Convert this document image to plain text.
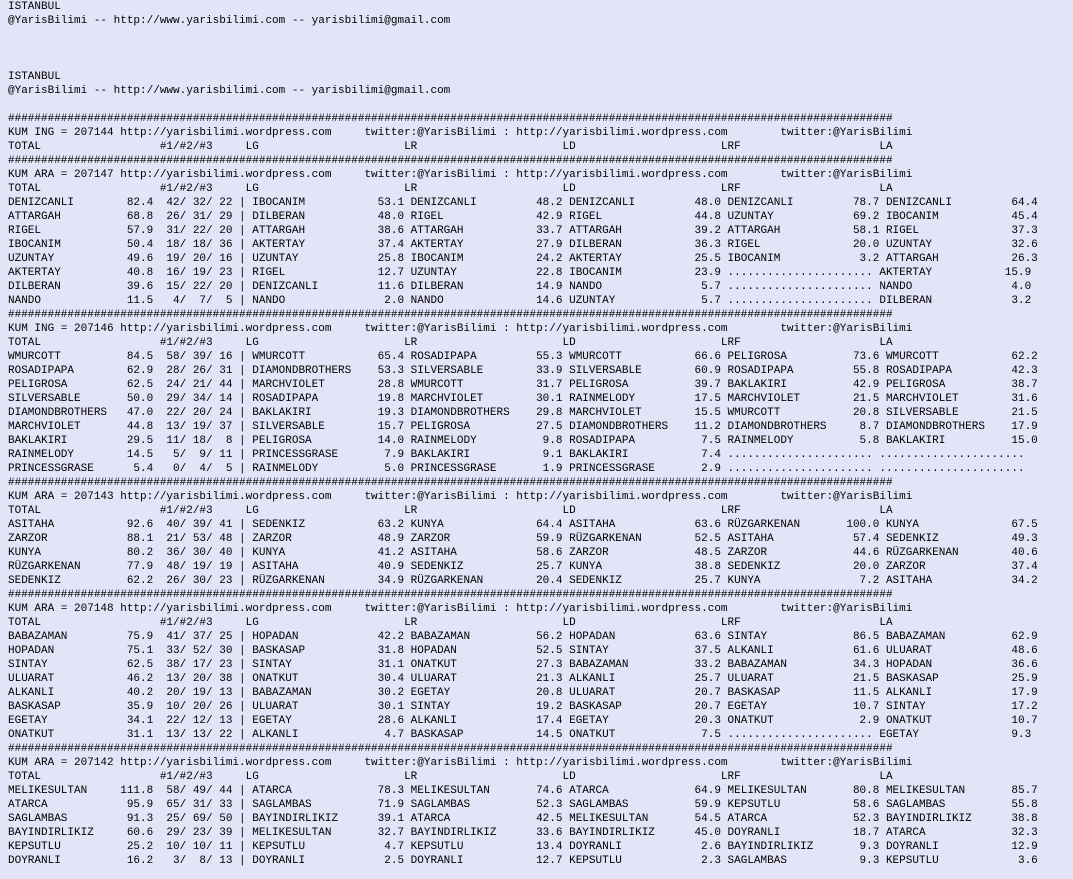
ISTANBUL
@YarisBilimi -- http://www.yarisbilimi.com -- yarisbilimi@gmail.com
ISTANBUL
@YarisBilimi -- http://www.yarisbilimi.com -- yarisbilimi@gmail.com
######################################################################################################################################
KUM ING = 207144 http://yarisbilimi.wordpress.com     twitter:@YarisBilimi : http://yarisbilimi.wordpress.com        twitter:@YarisBilimi
TOTAL                  #1/#2/#3     LG                      LR                      LD                      LRF                     LA
######################################################################################################################################
KUM ARA = 207147 http://yarisbilimi.wordpress.com     twitter:@YarisBilimi : http://yarisbilimi.wordpress.com        twitter:@YarisBilimi
TOTAL                  #1/#2/#3     LG                      LR                      LD                      LRF                     LA
DENIZCANLI        82.4  42/ 32/ 22 | IBOCANIM           53.1 DENIZCANLI         48.2 DENIZCANLI         48.0 DENIZCANLI         78.7 DENIZCANLI         64.4
ATTARGAH          68.8  26/ 31/ 29 | DILBERAN           48.0 RIGEL              42.9 RIGEL              44.8 UZUNTAY            69.2 IBOCANIM           45.4
RIGEL             57.9  31/ 22/ 20 | ATTARGAH           38.6 ATTARGAH           33.7 ATTARGAH           39.2 ATTARGAH           58.1 RIGEL              37.3
IBOCANIM          50.4  18/ 18/ 36 | AKTERTAY           37.4 AKTERTAY           27.9 DILBERAN           36.3 RIGEL              20.0 UZUNTAY            32.6
UZUNTAY           49.6  19/ 20/ 16 | UZUNTAY            25.8 IBOCANIM           24.2 AKTERTAY           25.5 IBOCANIM            3.2 ATTARGAH           26.3
AKTERTAY          40.8  16/ 19/ 23 | RIGEL              12.7 UZUNTAY            22.8 IBOCANIM           23.9 ...................... AKTERTAY           15.9
DILBERAN          39.6  15/ 22/ 20 | DENIZCANLI         11.6 DILBERAN           14.9 NANDO               5.7 ...................... NANDO               4.0
NANDO             11.5   4/  7/  5 | NANDO               2.0 NANDO              14.6 UZUNTAY             5.7 ...................... DILBERAN            3.2
######################################################################################################################################
KUM ING = 207146 http://yarisbilimi.wordpress.com     twitter:@YarisBilimi : http://yarisbilimi.wordpress.com        twitter:@YarisBilimi
TOTAL                  #1/#2/#3     LG                      LR                      LD                      LRF                     LA
WMURCOTT          84.5  58/ 39/ 16 | WMURCOTT           65.4 ROSADIPAPA         55.3 WMURCOTT           66.6 PELIGROSA          73.6 WMURCOTT           62.2
ROSADIPAPA        62.9  28/ 26/ 31 | DIAMONDBROTHERS    53.3 SILVERSABLE        33.9 SILVERSABLE        60.9 ROSADIPAPA         55.8 ROSADIPAPA         42.3
PELIGROSA         62.5  24/ 21/ 44 | MARCHVIOLET        28.8 WMURCOTT           31.7 PELIGROSA          39.7 BAKLAKIRI          42.9 PELIGROSA          38.7
SILVERSABLE       50.0  29/ 34/ 14 | ROSADIPAPA         19.8 MARCHVIOLET        30.1 RAINMELODY         17.5 MARCHVIOLET        21.5 MARCHVIOLET        31.6
DIAMONDBROTHERS   47.0  22/ 20/ 24 | BAKLAKIRI          19.3 DIAMONDBROTHERS    29.8 MARCHVIOLET        15.5 WMURCOTT           20.8 SILVERSABLE        21.5
MARCHVIOLET       44.8  13/ 19/ 37 | SILVERSABLE        15.7 PELIGROSA          27.5 DIAMONDBROTHERS    11.2 DIAMONDBROTHERS     8.7 DIAMONDBROTHERS    17.9
BAKLAKIRI         29.5  11/ 18/  8 | PELIGROSA          14.0 RAINMELODY          9.8 ROSADIPAPA          7.5 RAINMELODY          5.8 BAKLAKIRI          15.0
RAINMELODY        14.5   5/  9/ 11 | PRINCESSGRASE       7.9 BAKLAKIRI           9.1 BAKLAKIRI           7.4 ...................... ......................
PRINCESSGRASE      5.4   0/  4/  5 | RAINMELODY          5.0 PRINCESSGRASE       1.9 PRINCESSGRASE       2.9 ...................... ......................
######################################################################################################################################
KUM ARA = 207143 http://yarisbilimi.wordpress.com     twitter:@YarisBilimi : http://yarisbilimi.wordpress.com        twitter:@YarisBilimi
TOTAL                  #1/#2/#3     LG                      LR                      LD                      LRF                     LA
ASITAHA           92.6  40/ 39/ 41 | SEDENKIZ           63.2 KUNYA              64.4 ASITAHA            63.6 RÜZGARKENAN       100.0 KUNYA              67.5
ZARZOR            88.1  21/ 53/ 48 | ZARZOR             48.9 ZARZOR             59.9 RÜZGARKENAN        52.5 ASITAHA            57.4 SEDENKIZ           49.3
KUNYA             80.2  36/ 30/ 40 | KUNYA              41.2 ASITAHA            58.6 ZARZOR             48.5 ZARZOR             44.6 RÜZGARKENAN        40.6
RÜZGARKENAN       77.9  48/ 19/ 19 | ASITAHA            40.9 SEDENKIZ           25.7 KUNYA              38.8 SEDENKIZ           20.0 ZARZOR             37.4
SEDENKIZ          62.2  26/ 30/ 23 | RÜZGARKENAN        34.9 RÜZGARKENAN        20.4 SEDENKIZ           25.7 KUNYA               7.2 ASITAHA            34.2
######################################################################################################################################
KUM ARA = 207148 http://yarisbilimi.wordpress.com     twitter:@YarisBilimi : http://yarisbilimi.wordpress.com        twitter:@YarisBilimi
TOTAL                  #1/#2/#3     LG                      LR                      LD                      LRF                     LA
BABAZAMAN         75.9  41/ 37/ 25 | HOPADAN            42.2 BABAZAMAN          56.2 HOPADAN            63.6 SINTAY             86.5 BABAZAMAN          62.9
HOPADAN           75.1  33/ 52/ 30 | BASKASAP           31.8 HOPADAN            52.5 SINTAY             37.5 ALKANLI            61.6 ULUARAT            48.6
SINTAY            62.5  38/ 17/ 23 | SINTAY             31.1 ONATKUT            27.3 BABAZAMAN          33.2 BABAZAMAN          34.3 HOPADAN            36.6
ULUARAT           46.2  13/ 20/ 38 | ONATKUT            30.4 ULUARAT            21.3 ALKANLI            25.7 ULUARAT            21.5 BASKASAP           25.9
ALKANLI           40.2  20/ 19/ 13 | BABAZAMAN          30.2 EGETAY             20.8 ULUARAT            20.7 BASKASAP           11.5 ALKANLI            17.9
BASKASAP          35.9  10/ 20/ 26 | ULUARAT            30.1 SINTAY             19.2 BASKASAP           20.7 EGETAY             10.7 SINTAY             17.2
EGETAY            34.1  22/ 12/ 13 | EGETAY             28.6 ALKANLI            17.4 EGETAY             20.3 ONATKUT             2.9 ONATKUT            10.7
ONATKUT           31.1  13/ 13/ 22 | ALKANLI             4.7 BASKASAP           14.5 ONATKUT             7.5 ...................... EGETAY              9.3
######################################################################################################################################
KUM ARA = 207142 http://yarisbilimi.wordpress.com     twitter:@YarisBilimi : http://yarisbilimi.wordpress.com        twitter:@YarisBilimi
TOTAL                  #1/#2/#3     LG                      LR                      LD                      LRF                     LA
MELIKESULTAN     111.8  58/ 49/ 44 | ATARCA             78.3 MELIKESULTAN       74.6 ATARCA             64.9 MELIKESULTAN       80.8 MELIKESULTAN       85.7
ATARCA            95.9  65/ 31/ 33 | SAGLAMBAS          71.9 SAGLAMBAS          52.3 SAGLAMBAS          59.9 KEPSUTLU           58.6 SAGLAMBAS          55.8
SAGLAMBAS         91.3  25/ 69/ 50 | BAYINDIRLIKIZ      39.1 ATARCA             42.5 MELIKESULTAN       54.5 ATARCA             52.3 BAYINDIRLIKIZ      38.8
BAYINDIRLIKIZ     60.6  29/ 23/ 39 | MELIKESULTAN       32.7 BAYINDIRLIKIZ      33.6 BAYINDIRLIKIZ      45.0 DOYRANLI           18.7 ATARCA             32.3
KEPSUTLU          25.2  10/ 10/ 11 | KEPSUTLU            4.7 KEPSUTLU           13.4 DOYRANLI            2.6 BAYINDIRLIKIZ       9.3 DOYRANLI           12.9
DOYRANLI          16.2   3/  8/ 13 | DOYRANLI            2.5 DOYRANLI           12.7 KEPSUTLU            2.3 SAGLAMBAS           9.3 KEPSUTLU            3.6
